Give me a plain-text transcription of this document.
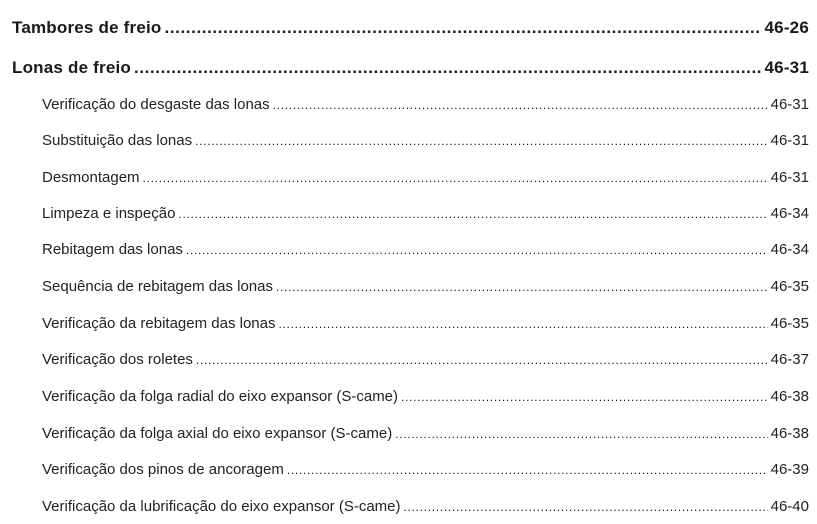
Tambores de freio .....	46-26
Lonas de freio .....	46-31
Verificação do desgaste das lonas .....	46-31
Substituição das lonas .....	46-31
Desmontagem .....	46-31
Limpeza e inspeção .....	46-34
Rebitagem das lonas .....	46-34
Sequência de rebitagem das lonas .....	46-35
Verificação da rebitagem das lonas .....	46-35
Verificação dos roletes .....	46-37
Verificação da folga radial do eixo expansor (S-came) .....	46-38
Verificação da folga axial do eixo expansor (S-came) .....	46-38
Verificação dos pinos de ancoragem .....	46-39
Verificação da lubrificação do eixo expansor (S-came) .....	46-40
